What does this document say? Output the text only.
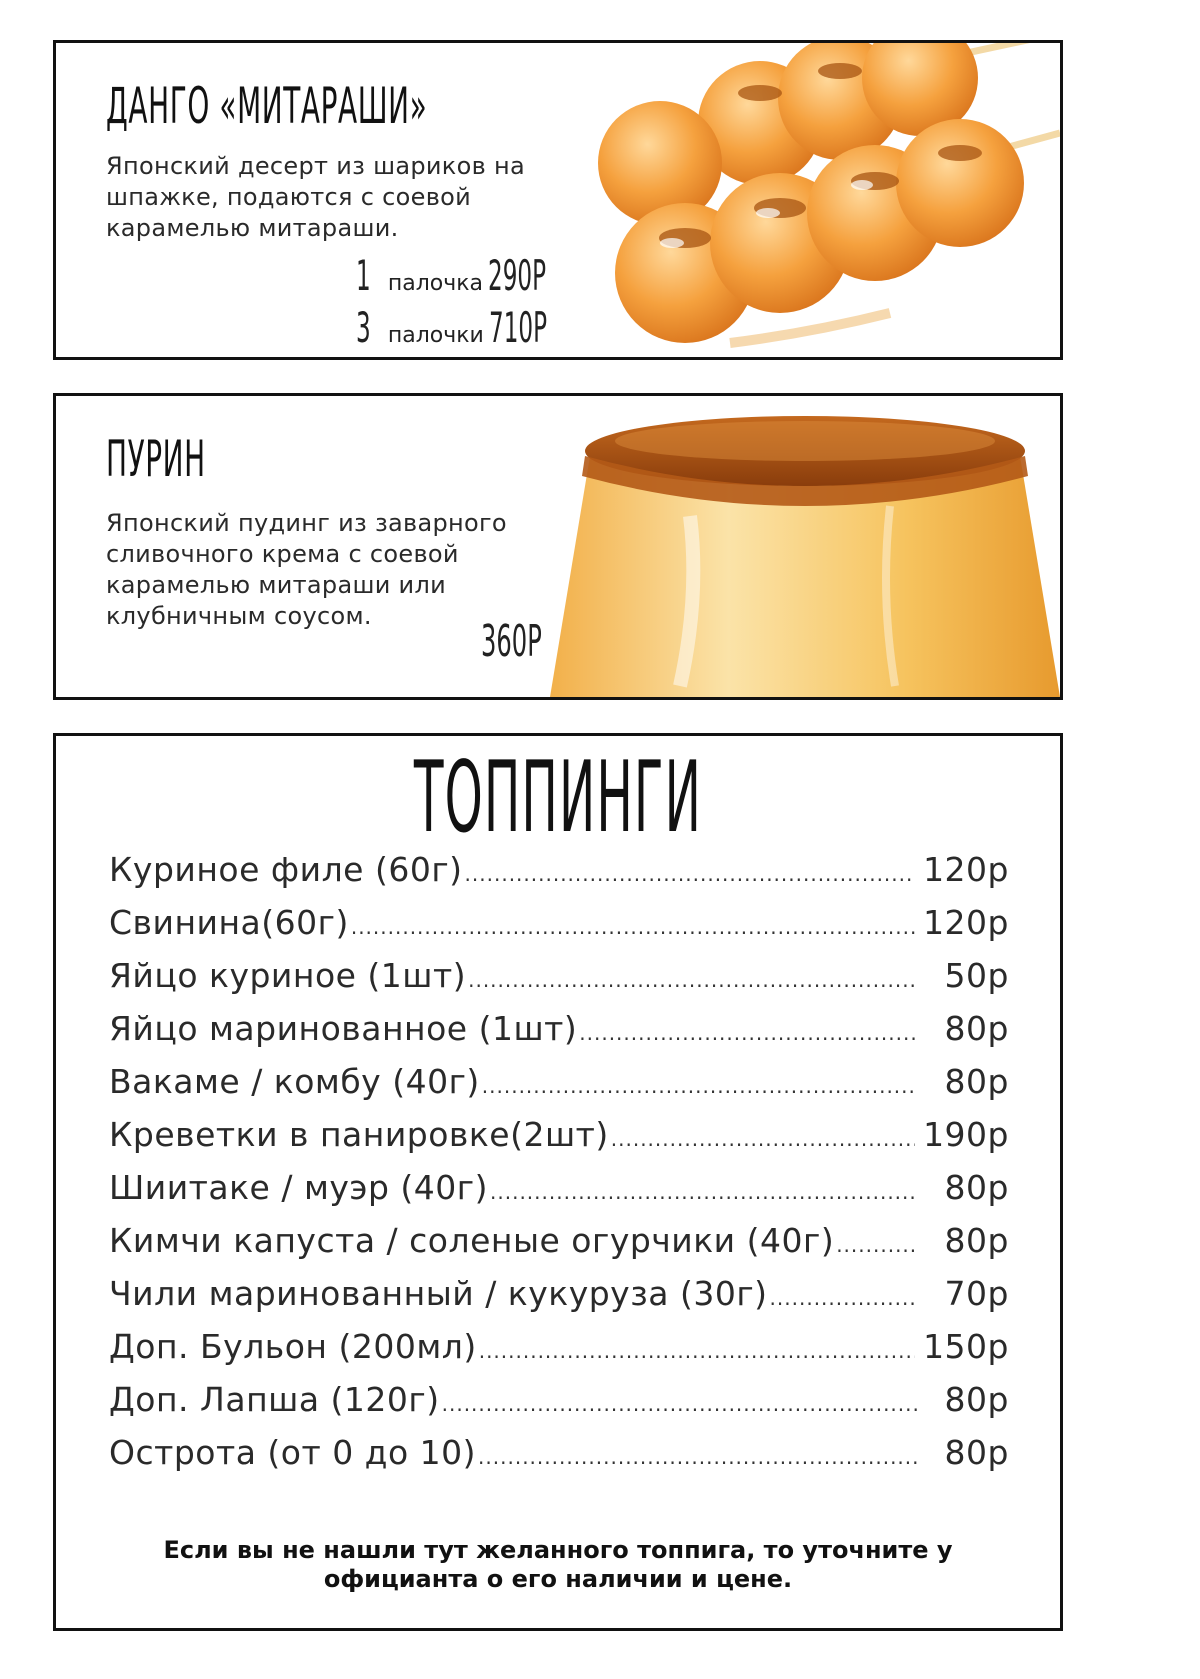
ДАНГО «МИТАРАШИ»
Японский десерт из шариков на шпажке, подаются с соевой карамелью митараши.
1 палочка 290Р
3 палочки 710Р
ПУРИН
Японский пудинг из заварного сливочного крема с соевой карамелью митараши или клубничным соусом.	360Р
ТОППИНГИ
Куриное филе (60г) .....	120р
Свинина(60г) .....	120р
Яйцо куриное (1шт) .....	50р
Яйцо маринованное (1шт) .....	80р
Вакаме / комбу (40г) .....	80р
Креветки в панировке(2шт) .....	190р
Шиитаке / муэр (40г) .....	80р
Кимчи капуста / соленые огурчики (40г) .....	80р
Чили маринованный / кукуруза (30г) .....	70р
Доп. Бульон (200мл) .....	150р
Доп. Лапша (120г) .....	80р
Острота (от 0 до 10) .....	80р
Если вы не нашли тут желанного топпига, то уточните у официанта о его наличии и цене.
